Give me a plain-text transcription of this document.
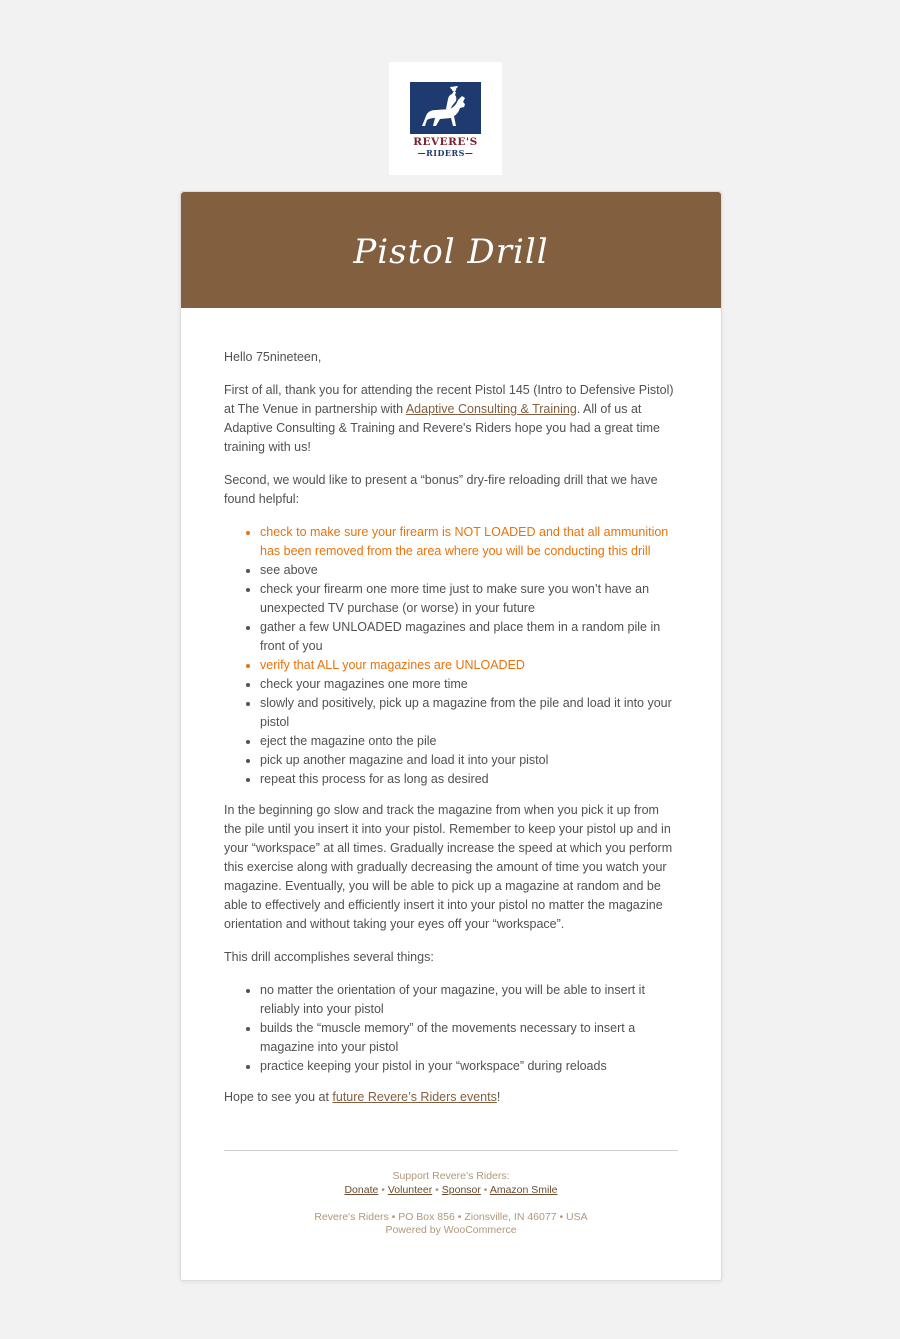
REVERE'S
—RIDERS—
Pistol Drill

Hello 75nineteen,

First of all, thank you for attending the recent Pistol 145 (Intro to Defensive Pistol) at The Venue in partnership with Adaptive Consulting & Training. All of us at Adaptive Consulting & Training and Revere's Riders hope you had a great time training with us!

Second, we would like to present a “bonus” dry-fire reloading drill that we have found helpful:

• check to make sure your firearm is NOT LOADED and that all ammunition has been removed from the area where you will be conducting this drill
• see above
• check your firearm one more time just to make sure you won’t have an unexpected TV purchase (or worse) in your future
• gather a few UNLOADED magazines and place them in a random pile in front of you
• verify that ALL your magazines are UNLOADED
• check your magazines one more time
• slowly and positively, pick up a magazine from the pile and load it into your pistol
• eject the magazine onto the pile
• pick up another magazine and load it into your pistol
• repeat this process for as long as desired

In the beginning go slow and track the magazine from when you pick it up from the pile until you insert it into your pistol. Remember to keep your pistol up and in your “workspace” at all times. Gradually increase the speed at which you perform this exercise along with gradually decreasing the amount of time you watch your magazine. Eventually, you will be able to pick up a magazine at random and be able to effectively and efficiently insert it into your pistol no matter the magazine orientation and without taking your eyes off your “workspace”.

This drill accomplishes several things:

• no matter the orientation of your magazine, you will be able to insert it reliably into your pistol
• builds the “muscle memory” of the movements necessary to insert a magazine into your pistol
• practice keeping your pistol in your “workspace” during reloads

Hope to see you at future Revere’s Riders events!

Support Revere’s Riders:
Donate • Volunteer • Sponsor • Amazon Smile
Revere's Riders • PO Box 856 • Zionsville, IN 46077 • USA
Powered by WooCommerce
